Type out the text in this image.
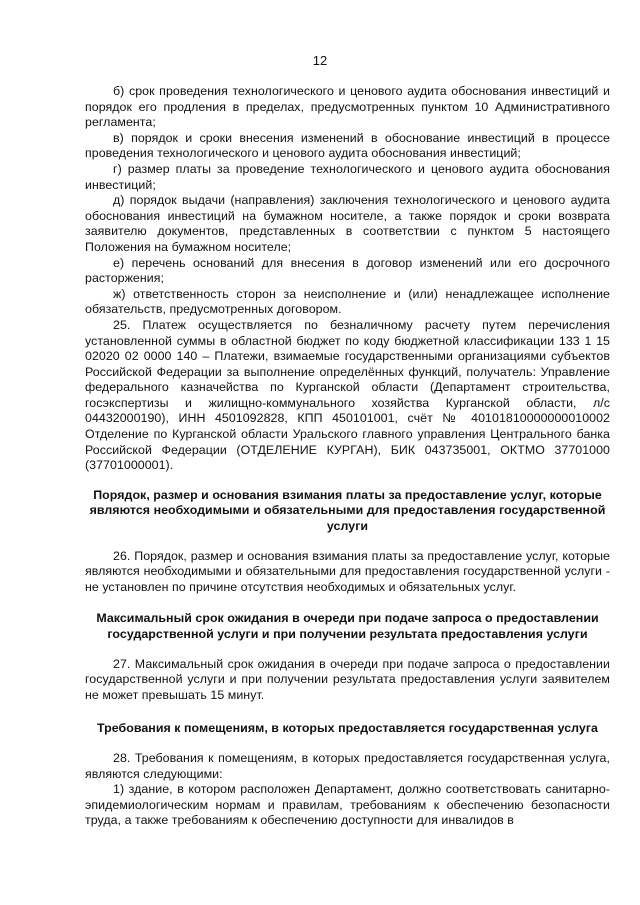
12

б) срок проведения технологического и ценового аудита обоснования инвестиций и порядок его продления в пределах, предусмотренных пунктом 10 Административного регламента;

в) порядок и сроки внесения изменений в обоснование инвестиций в процессе проведения технологического и ценового аудита обоснования инвестиций;

г) размер платы за проведение технологического и ценового аудита обоснования инвестиций;

д) порядок выдачи (направления) заключения технологического и ценового аудита обоснования инвестиций на бумажном носителе, а также порядок и сроки возврата заявителю документов, представленных в соответствии с пунктом 5 настоящего Положения на бумажном носителе;

е) перечень оснований для внесения в договор изменений или его досрочного расторжения;

ж) ответственность сторон за неисполнение и (или) ненадлежащее исполнение обязательств, предусмотренных договором.

25. Платеж осуществляется по безналичному расчету путем перечисления установленной суммы в областной бюджет по коду бюджетной классификации 133 1 15 02020 02 0000 140 – Платежи, взимаемые государственными организациями субъектов Российской Федерации за выполнение определённых функций, получатель: Управление федерального казначейства по Курганской области (Департамент строительства, госэкспертизы и жилищно-коммунального хозяйства Курганской области, л/с 04432000190), ИНН 4501092828, КПП 450101001, счёт № 40101810000000010002 Отделение по Курганской области Уральского главного управления Центрального банка Российской Федерации (ОТДЕЛЕНИЕ КУРГАН), БИК 043735001, ОКТМО 37701000 (37701000001).

Порядок, размер и основания взимания платы за предоставление услуг, которые являются необходимыми и обязательными для предоставления государственной услуги

26. Порядок, размер и основания взимания платы за предоставление услуг, которые являются необходимыми и обязательными для предоставления государственной услуги - не установлен по причине отсутствия необходимых и обязательных услуг.

Максимальный срок ожидания в очереди при подаче запроса о предоставлении государственной услуги и при получении результата предоставления услуги

27. Максимальный срок ожидания в очереди при подаче запроса о предоставлении государственной услуги и при получении результата предоставления услуги заявителем не может превышать 15 минут.

Требования к помещениям, в которых предоставляется государственная услуга

28. Требования к помещениям, в которых предоставляется государственная услуга, являются следующими:

1) здание, в котором расположен Департамент, должно соответствовать санитарно-эпидемиологическим нормам и правилам, требованиям к обеспечению безопасности труда, а также требованиям к обеспечению доступности для инвалидов в
